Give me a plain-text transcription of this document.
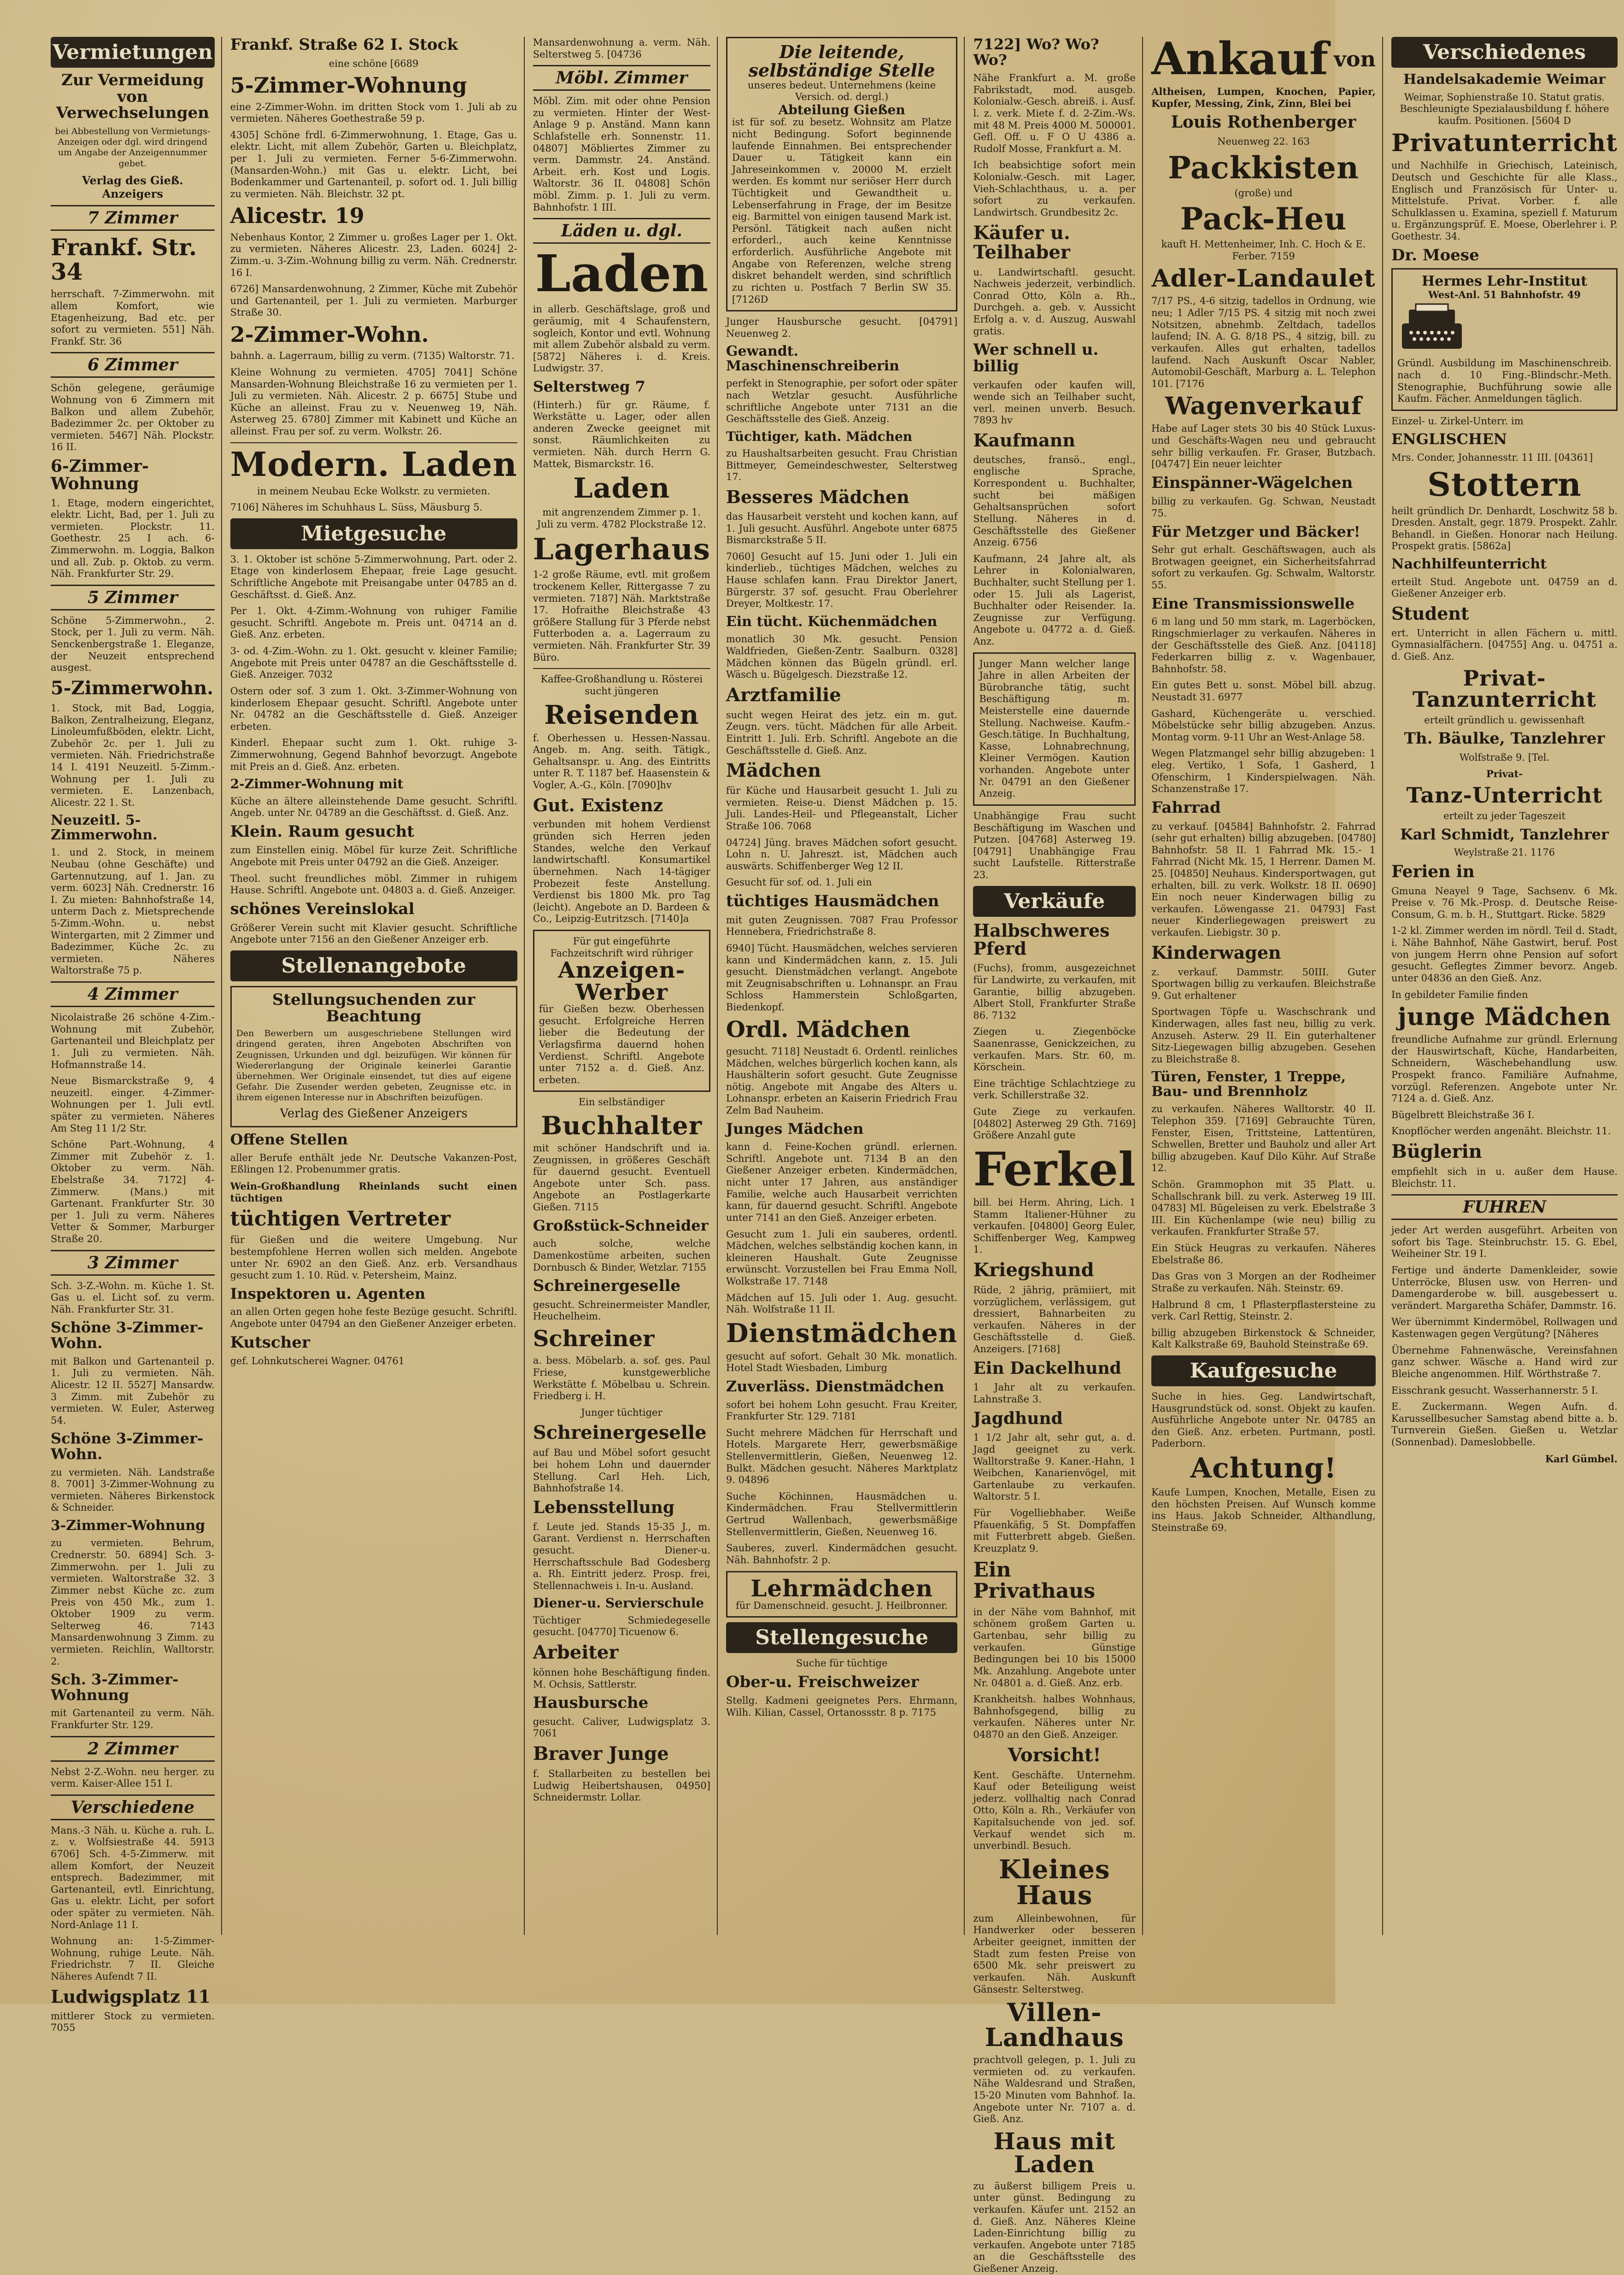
Vermietungen
Zur Vermeidung von Verwechselungen
bei Abbestellung von Vermietungs-Anzeigen oder dgl. wird dringend um Angabe der Anzeigennummer gebet.
Verlag des Gieß. Anzeigers
7 Zimmer
Frankf. Str. 34
herrschaft. 7-Zimmerwohn. mit allem Komfort, wie Etagenheizung, Bad etc. per sofort zu vermieten. 551] Näh. Frankf. Str. 36
6 Zimmer
Schön gelegene, geräumige Wohnung von 6 Zimmern mit Balkon und allem Zubehör, Badezimmer 2c. per Oktober zu vermieten. 5467] Näh. Plockstr. 16 II.
6-Zimmer-Wohnung
1. Etage, modern eingerichtet, elektr. Licht, Bad, per 1. Juli zu vermieten. Plockstr. 11. Goethestr. 25 I ach. 6-Zimmerwohn. m. Loggia, Balkon und all. Zub. p. Oktob. zu verm. Näh. Frankfurter Str. 29.
5 Zimmer
Schöne 5-Zimmerwohn., 2. Stock, per 1. Juli zu verm. Näh. Senckenbergstraße 1. Eleganze, der Neuzeit entsprechend ausgest.
5-Zimmerwohn.
1. Stock, mit Bad, Loggia, Balkon, Zentralheizung, Eleganz, Linoleumfußböden, elektr. Licht, Zubehör 2c. per 1. Juli zu vermieten. Näh. Friedrichstraße 14 I. 4191 Neuzeitl. 5-Zimm.-Wohnung per 1. Juli zu vermieten. E. Lanzenbach, Alicestr. 22 1. St.
Neuzeitl. 5-Zimmerwohn.
1. und 2. Stock, in meinem Neubau (ohne Geschäfte) und Gartennutzung, auf 1. Jan. zu verm. 6023] Näh. Crednerstr. 16 I. Zu mieten: Bahnhofstraße 14, unterm Dach z. Mietsprechende 5-Zimm.-Wohn. u. nebst Wintergarten, mit 2 Zimmer und Badezimmer, Küche 2c. zu vermieten. Näheres Waltorstraße 75 p.
4 Zimmer
Nicolaistraße 26 schöne 4-Zim.-Wohnung mit Zubehör, Gartenanteil und Bleichplatz per 1. Juli zu vermieten. Näh. Hofmannstraße 14.
Neue Bismarckstraße 9, 4 neuzeitl. einger. 4-Zimmer-Wohnungen per 1. Juli evtl. später zu vermieten. Näheres Am Steg 11 1/2 Str.
Schöne Part.-Wohnung, 4 Zimmer mit Zubehör z. 1. Oktober zu verm. Näh. Ebelstraße 34. 7172] 4-Zimmerw. (Mans.) mit Gartenant. Frankfurter Str. 30 per 1. Juli zu verm. Näheres Vetter & Sommer, Marburger Straße 20.
3 Zimmer
Sch. 3-Z.-Wohn. m. Küche 1. St. Gas u. el. Licht sof. zu verm. Näh. Frankfurter Str. 31.
Schöne 3-Zimmer-Wohn.
mit Balkon und Gartenanteil p. 1. Juli zu vermieten. Näh. Alicestr. 12 II. 5527] Mansardw. 3 Zimm. mit Zubehör zu vermieten. W. Euler, Asterweg 54.
Schöne 3-Zimmer-Wohn.
zu vermieten. Näh. Landstraße 8. 7001] 3-Zimmer-Wohnung zu vermieten. Näheres Birkenstock & Schneider.
3-Zimmer-Wohnung
zu vermieten. Behrum, Crednerstr. 50. 6894] Sch. 3-Zimmerwohn. per 1. Juli zu vermieten. Waltorstraße 32. 3 Zimmer nebst Küche zc. zum Preis von 450 Mk., zum 1. Oktober 1909 zu verm. Selterweg 46. 7143 Mansardenwohnung 3 Zimm. zu vermieten. Reichlin, Walltorstr. 2.
Sch. 3-Zimmer-Wohnung
mit Gartenanteil zu verm. Näh. Frankfurter Str. 129.
2 Zimmer
Nebst 2-Z.-Wohn. neu herger. zu verm. Kaiser-Allee 151 I.
Verschiedene
Mans.-3 Näh. u. Küche a. ruh. L. z. v. Wolfsiestraße 44. 5913 6706] Sch. 4-5-Zimmerw. mit allem Komfort, der Neuzeit entsprech. Badezimmer, mit Gartenanteil, evtl. Einrichtung, Gas u. elektr. Licht, per sofort oder später zu vermieten. Näh. Nord-Anlage 11 I.
Wohnung an: 1-5-Zimmer-Wohnung, ruhige Leute. Näh. Friedrichstr. 7 II. Gleiche Näheres Aufendt 7 II.
Ludwigsplatz 11
mittlerer Stock zu vermieten. 7055
Frankf. Straße 62 I. Stock
eine schöne [6689
5-Zimmer-Wohnung
eine 2-Zimmer-Wohn. im dritten Stock vom 1. Juli ab zu vermieten. Näheres Goethestraße 59 p.
4305] Schöne frdl. 6-Zimmerwohnung, 1. Etage, Gas u. elektr. Licht, mit allem Zubehör, Garten u. Bleichplatz, per 1. Juli zu vermieten. Ferner 5-6-Zimmerwohn. (Mansarden-Wohn.) mit Gas u. elektr. Licht, bei Bodenkammer und Gartenanteil, p. sofort od. 1. Juli billig zu vermieten. Näh. Bleichstr. 32 pt.
Alicestr. 19
Nebenhaus Kontor, 2 Zimmer u. großes Lager per 1. Okt. zu vermieten. Näheres Alicestr. 23, Laden. 6024] 2-Zimm.-u. 3-Zim.-Wohnung billig zu verm. Näh. Crednerstr. 16 I.
6726] Mansardenwohnung, 2 Zimmer, Küche mit Zubehör und Gartenanteil, per 1. Juli zu vermieten. Marburger Straße 30.
2-Zimmer-Wohn.
bahnh. a. Lagerraum, billig zu verm. (7135) Waltorstr. 71.
Kleine Wohnung zu vermieten. 4705] 7041] Schöne Mansarden-Wohnung Bleichstraße 16 zu vermieten per 1. Juli zu vermieten. Näh. Alicestr. 2 p. 6675] Stube und Küche an alleinst. Frau zu v. Neuenweg 19, Näh. Asterweg 25. 6780] Zimmer mit Kabinett und Küche an alleinst. Frau per sof. zu verm. Wolkstr. 26.
Modern. Laden
in meinem Neubau Ecke Wolkstr. zu vermieten.
7106] Näheres im Schuhhaus L. Süss, Mäusburg 5.
Mietgesuche
3. 1. Oktober ist schöne 5-Zimmerwohnung, Part. oder 2. Etage von kinderlosem Ehepaar, freie Lage gesucht. Schriftliche Angebote mit Preisangabe unter 04785 an d. Geschäftsst. d. Gieß. Anz.
Per 1. Okt. 4-Zimm.-Wohnung von ruhiger Familie gesucht. Schriftl. Angebote m. Preis unt. 04714 an d. Gieß. Anz. erbeten.
3- od. 4-Zim.-Wohn. zu 1. Okt. gesucht v. kleiner Familie; Angebote mit Preis unter 04787 an die Geschäftsstelle d. Gieß. Anzeiger. 7032
Ostern oder sof. 3 zum 1. Okt. 3-Zimmer-Wohnung von kinderlosem Ehepaar gesucht. Schriftl. Angebote unter Nr. 04782 an die Geschäftsstelle d. Gieß. Anzeiger erbeten.
Kinderl. Ehepaar sucht zum 1. Okt. ruhige 3-Zimmerwohnung, Gegend Bahnhof bevorzugt. Angebote mit Preis an d. Gieß. Anz. erbeten.
2-Zimmer-Wohnung mit
Küche an ältere alleinstehende Dame gesucht. Schriftl. Angeb. unter Nr. 04789 an die Geschäftsst. d. Gieß. Anz.
Klein. Raum gesucht
zum Einstellen einig. Möbel für kurze Zeit. Schriftliche Angebote mit Preis unter 04792 an die Gieß. Anzeiger.
Theol. sucht freundliches möbl. Zimmer in ruhigem Hause. Schriftl. Angebote unt. 04803 a. d. Gieß. Anzeiger.
schönes Vereinslokal
Größerer Verein sucht mit Klavier gesucht. Schriftliche Angebote unter 7156 an den Gießener Anzeiger erb.
Stellenangebote
Stellungsuchenden zur Beachtung
Den Bewerbern um ausgeschriebene Stellungen wird dringend geraten, ihren Angeboten Abschriften von Zeugnissen, Urkunden und dgl. beizufügen. Wir können für Wiedererlangung der Originale keinerlei Garantie übernehmen. Wer Originale einsendet, tut dies auf eigene Gefahr. Die Zusender werden gebeten, Zeugnisse etc. in ihrem eigenen Interesse nur in Abschriften beizufügen.
Verlag des Gießener Anzeigers
Offene Stellen
aller Berufe enthält jede Nr. Deutsche Vakanzen-Post, Eßlingen 12. Probenummer gratis.
Wein-Großhandlung Rheinlands sucht einen tüchtigen
tüchtigen Vertreter
für Gießen und die weitere Umgebung. Nur bestempfohlene Herren wollen sich melden. Angebote unter Nr. 6902 an den Gieß. Anz. erb. Versandhaus gesucht zum 1. 10. Rüd. v. Petersheim, Mainz.
Inspektoren u. Agenten
an allen Orten gegen hohe feste Bezüge gesucht. Schriftl. Angebote unter 04794 an den Gießener Anzeiger erbeten.
Kutscher
gef. Lohnkutscherei Wagner. 04761
Mansardenwohnung a. verm. Näh. Selterstweg 5. [04736
Möbl. Zimmer
Möbl. Zim. mit oder ohne Pension zu vermieten. Hinter der West-Anlage 9 p. Anständ. Mann kann Schlafstelle erh. Sonnenstr. 11. 04807] Möbliertes Zimmer zu verm. Dammstr. 24. Anständ. Arbeit. erh. Kost und Logis. Waltorstr. 36 II. 04808] Schön möbl. Zimm. p. 1. Juli zu verm. Bahnhofstr. 1 III.
Läden u. dgl.
Laden
in allerb. Geschäftslage, groß und geräumig, mit 4 Schaufenstern, sogleich, Kontor und evtl. Wohnung mit allem Zubehör alsbald zu verm. [5872] Näheres i. d. Kreis. Ludwigstr. 37.
Selterstweg 7
(Hinterh.) für gr. Räume, f. Werkstätte u. Lager, oder allen anderen Zwecke geeignet mit sonst. Räumlichkeiten zu vermieten. Näh. durch Herrn G. Mattek, Bismarckstr. 16.
Laden
mit angrenzendem Zimmer p. 1. Juli zu verm. 4782 Plockstraße 12.
Lagerhaus
1-2 große Räume, evtl. mit großem trockenem Keller, Rittergasse 7 zu vermieten. 7187] Näh. Marktstraße 17. Hofraithe Bleichstraße 43 größere Stallung für 3 Pferde nebst Futterboden a. a. Lagerraum zu vermieten. Näh. Frankfurter Str. 39 Büro.
Kaffee-Großhandlung u. Rösterei sucht jüngeren
Reisenden
f. Oberhessen u. Hessen-Nassau. Angeb. m. Ang. seith. Tätigk., Gehaltsanspr. u. Ang. des Eintritts unter R. T. 1187 bef. Haasenstein & Vogler, A.-G., Köln. [7090]hv
Gut. Existenz
verbunden mit hohem Verdienst gründen sich Herren jeden Standes, welche den Verkauf landwirtschaftl. Konsumartikel übernehmen. Nach 14-tägiger Probezeit feste Anstellung. Verdienst bis 1800 Mk. pro Tag (leicht). Angebote an D. Bardeen & Co., Leipzig-Eutritzsch. [7140]a
Für gut eingeführte Fachzeitschrift wird rühriger
Anzeigen-Werber
für Gießen bezw. Oberhessen gesucht. Erfolgreiche Herren lieber die Bedeutung der Verlagsfirma dauernd hohen Verdienst. Schriftl. Angebote unter 7152 a. d. Gieß. Anz. erbeten.
Ein selbständiger
Buchhalter
mit schöner Handschrift und ia. Zeugnissen, in größeres Geschäft für dauernd gesucht. Eventuell Angebote unter Sch. pass. Angebote an Postlagerkarte Gießen. 7115
Großstück-Schneider
auch solche, welche Damenkostüme arbeiten, suchen Dornbusch & Binder, Wetzlar. 7155
Schreinergeselle
gesucht. Schreinermeister Mandler, Heuchelheim.
Schreiner
a. bess. Möbelarb. a. sof. ges. Paul Friese, kunstgewerbliche Werkstätte f. Möbelbau u. Schrein. Friedberg i. H.
Junger tüchtiger
Schreinergeselle
auf Bau und Möbel sofort gesucht bei hohem Lohn und dauernder Stellung. Carl Heh. Lich, Bahnhofstraße 14.
Lebensstellung
f. Leute jed. Stands 15-35 J., m. Garant. Verdienst n. Herrschaften gesucht. Diener-u. Herrschaftsschule Bad Godesberg a. Rh. Eintritt jederz. Prosp. frei, Stellennachweis i. In-u. Ausland.
Diener-u. Servierschule
Tüchtiger Schmiedegeselle gesucht. [04770] Ticuenow 6.
Arbeiter
können hohe Beschäftigung finden. M. Ochsis, Sattlerstr.
Hausbursche
gesucht. Caliver, Ludwigsplatz 3. 7061
Braver Junge
f. Stallarbeiten zu bestellen bei Ludwig Heibertshausen, 04950] Schneidermstr. Lollar.
Die leitende, selbständige Stelle
unseres bedeut. Unternehmens (keine Versich. od. dergl.)
Abteilung Gießen
ist für sof. zu besetz. Wohnsitz am Platze nicht Bedingung. Sofort beginnende laufende Einnahmen. Bei entsprechender Dauer u. Tätigkeit kann ein Jahreseinkommen v. 20000 M. erzielt werden. Es kommt nur seriöser Herr durch Tüchtigkeit und Gewandtheit u. Lebenserfahrung in Frage, der im Besitze eig. Barmittel von einigen tausend Mark ist. Persönl. Tätigkeit nach außen nicht erforderl., auch keine Kenntnisse erforderlich. Ausführliche Angebote mit Angabe von Referenzen, welche streng diskret behandelt werden, sind schriftlich zu richten u. Postfach 7 Berlin SW 35. [7126D
Junger Hausbursche gesucht. [04791] Neuenweg 2.
Gewandt. Maschinenschreiberin
perfekt in Stenographie, per sofort oder später nach Wetzlar gesucht. Ausführliche schriftliche Angebote unter 7131 an die Geschäftsstelle des Gieß. Anzeig.
Tüchtiger, kath. Mädchen
zu Haushaltsarbeiten gesucht. Frau Christian Bittmeyer, Gemeindeschwester, Selterstweg 17.
Besseres Mädchen
das Hausarbeit versteht und kochen kann, auf 1. Juli gesucht. Ausführl. Angebote unter 6875 Bismarckstraße 5 II.
7060] Gesucht auf 15. Juni oder 1. Juli ein kinderlieb., tüchtiges Mädchen, welches zu Hause schlafen kann. Frau Direktor Janert, Bürgerstr. 37 sof. gesucht. Frau Oberlehrer Dreyer, Moltkestr. 17.
Ein tücht. Küchenmädchen
monatlich 30 Mk. gesucht. Pension Waldfrieden, Gießen-Zentr. Saalburn. 0328] Mädchen können das Bügeln gründl. erl. Wäsch u. Bügelgesch. Diezstraße 12.
Arztfamilie
sucht wegen Heirat des jetz. ein m. gut. Zeugn. vers. tücht. Mädchen für alle Arbeit. Eintritt 1. Juli. Erb. Schriftl. Angebote an die Geschäftsstelle d. Gieß. Anz.
Mädchen
für Küche und Hausarbeit gesucht 1. Juli zu vermieten. Reise-u. Dienst Mädchen p. 15. Juli. Landes-Heil- und Pflegeanstalt, Licher Straße 106. 7068
04724] Jüng. braves Mädchen sofort gesucht. Lohn n. U. Jahreszt. ist, Mädchen auch auswärts. Schiffenberger Weg 12 II.
Gesucht für sof. od. 1. Juli ein
tüchtiges Hausmädchen
mit guten Zeugnissen. 7087 Frau Professor Hennebera, Friedrichstraße 8.
6940] Tücht. Hausmädchen, welches servieren kann und Kindermädchen kann, z. 15. Juli gesucht. Dienstmädchen verlangt. Angebote mit Zeugnisabschriften u. Lohnanspr. an Frau Schloss Hammerstein Schloßgarten, Biedenkopf.
Ordl. Mädchen
gesucht. 7118] Neustadt 6. Ordentl. reinliches Mädchen, welches bürgerlich kochen kann, als Haushälterin sofort gesucht. Gute Zeugnisse nötig. Angebote mit Angabe des Alters u. Lohnanspr. erbeten an Kaiserin Friedrich Frau Zelm Bad Nauheim.
Junges Mädchen
kann d. Feine-Kochen gründl. erlernen. Schriftl. Angebote unt. 7134 B an den Gießener Anzeiger erbeten. Kindermädchen, nicht unter 17 Jahren, aus anständiger Familie, welche auch Hausarbeit verrichten kann, für dauernd gesucht. Schriftl. Angebote unter 7141 an den Gieß. Anzeiger erbeten.
Gesucht zum 1. Juli ein sauberes, ordentl. Mädchen, welches selbständig kochen kann, in kleineren Haushalt. Gute Zeugnisse erwünscht. Vorzustellen bei Frau Emma Noll, Wolkstraße 17. 7148
Mädchen auf 15. Juli oder 1. Aug. gesucht. Näh. Wolfstraße 11 II.
Dienstmädchen
gesucht auf sofort. Gehalt 30 Mk. monatlich. Hotel Stadt Wiesbaden, Limburg
Zuverläss. Dienstmädchen
sofort bei hohem Lohn gesucht. Frau Kreiter, Frankfurter Str. 129. 7181
Sucht mehrere Mädchen für Herrschaft und Hotels. Margarete Herr, gewerbsmäßige Stellenvermittlerin, Gießen, Neuenweg 12. Bulkt. Mädchen gesucht. Näheres Marktplatz 9. 04896
Suche Köchinnen, Hausmädchen u. Kindermädchen. Frau Stellvermittlerin Gertrud Wallenbach, gewerbsmäßige Stellenvermittlerin, Gießen, Neuenweg 16.
Sauberes, zuverl. Kindermädchen gesucht. Näh. Bahnhofstr. 2 p.
Lehrmädchen
für Damenschneid. gesucht. J. Heilbronner.
Stellengesuche
Suche für tüchtige
Ober-u. Freischweizer
Stellg. Kadmeni geeignetes Pers. Ehrmann, Wilh. Kilian, Cassel, Ortanossstr. 8 p. 7175
7122] Wo? Wo? Wo?
Nähe Frankfurt a. M. große Fabrikstadt, mod. ausgeb. Kolonialw.-Gesch. abreiß. i. Ausf. l. z. verk. Miete f. d. 2-Zim.-Ws. mit 48 M. Preis 4000 M. 500001. Gefl. Off. u. F O U 4386 a. Rudolf Mosse, Frankfurt a. M.
Ich beabsichtige sofort mein Kolonialw.-Gesch. mit Lager, Vieh-Schlachthaus, u. a. per sofort zu verkaufen. Landwirtsch. Grundbesitz 2c.
Käufer u. Teilhaber
u. Landwirtschaftl. gesucht. Nachweis jederzeit, verbindlich. Conrad Otto, Köln a. Rh., Durchgeh. a. geb. v. Aussicht Erfolg a. v. d. Auszug, Auswahl gratis.
Wer schnell u. billig
verkaufen oder kaufen will, wende sich an Teilhaber sucht, verl. meinen unverb. Besuch. 7893 hv
Kaufmann
deutsches, fransö., engl., englische Sprache, Korrespondent u. Buchhalter, sucht bei mäßigen Gehaltsansprüchen sofort Stellung. Näheres in d. Geschäftsstelle des Gießener Anzeig. 6756
Kaufmann, 24 Jahre alt, als Lehrer in Kolonialwaren, Buchhalter, sucht Stellung per 1. oder 15. Juli als Lagerist, Buchhalter oder Reisender. Ia. Zeugnisse zur Verfügung. Angebote u. 04772 a. d. Gieß. Anz.
Junger Mann welcher lange Jahre in allen Arbeiten der Bürobranche tätig, sucht Beschäftigung m. Meisterstelle eine dauernde Stellung. Nachweise. Kaufm.-Gesch.tätige. In Buchhaltung, Kasse, Lohnabrechnung, Kleiner Vermögen. Kaution vorhanden. Angebote unter Nr. 04791 an den Gießener Anzeig.
Unabhängige Frau sucht Beschäftigung im Waschen und Putzen. [04768] Asterweg 19. [04791] Unabhängige Frau sucht Laufstelle. Ritterstraße 23.
Verkäufe
Halbschweres Pferd
(Fuchs), fromm, ausgezeichnet für Landwirte, zu verkaufen, mit Garantie, billig abzugeben. Albert Stoll, Frankfurter Straße 86. 7132
Ziegen u. Ziegenböcke Saanenrasse, Genickzeichen, zu verkaufen. Mars. Str. 60, m. Körschein.
Eine trächtige Schlachtziege zu verk. Schillerstraße 32.
Gute Ziege zu verkaufen. [04802] Asterweg 29 Gth. 7169] Größere Anzahl gute
Ferkel
bill. bei Herm. Ahring, Lich. 1 Stamm Italiener-Hühner zu verkaufen. [04800] Georg Euler, Schiffenberger Weg, Kampweg 1.
Kriegshund
Rüde, 2 jährig, prämiiert, mit vorzüglichem, verlässigem, gut dressiert, Bahnarbeiten zu verkaufen. Näheres in der Geschäftsstelle d. Gieß. Anzeigers. [7168]
Ein Dackelhund
1 Jahr alt zu verkaufen. Lahnstraße 3.
Jagdhund
1 1/2 Jahr alt, sehr gut, a. d. Jagd geeignet zu verk. Walltorstraße 9. Kaner.-Hahn, 1 Weibchen, Kanarienvögel, mit Gartenlaube zu verkaufen. Waltorstr. 5 I.
Für Vogelliebhaber. Weiße Pfauenkäfig, 5 St. Dompfaffen mit Futterbrett abgeb. Gießen. Kreuzplatz 9.
Ein Privathaus
in der Nähe vom Bahnhof, mit schönem großem Garten u. Gartenbau, sehr billig zu verkaufen. Günstige Bedingungen bei 10 bis 15000 Mk. Anzahlung. Angebote unter Nr. 04801 a. d. Gieß. Anz. erb.
Krankheitsh. halbes Wohnhaus, Bahnhofsgegend, billig zu verkaufen. Näheres unter Nr. 04870 an den Gieß. Anzeiger.
Vorsicht!
Kent. Geschäfte. Unternehm. Kauf oder Beteiligung weist jederz. vollhaltig nach Conrad Otto, Köln a. Rh., Verkäufer von Kapitalsuchende von jed. sof. Verkauf wendet sich m. unverbindl. Besuch.
Kleines Haus
zum Alleinbewohnen, für Handwerker oder besseren Arbeiter geeignet, inmitten der Stadt zum festen Preise von 6500 Mk. sehr preiswert zu verkaufen. Näh. Auskunft Gänsestr. Selterstweg.
Villen-Landhaus
prachtvoll gelegen, p. 1. Juli zu vermieten od. zu verkaufen. Nähe Waldesrand und Straßen, 15-20 Minuten vom Bahnhof. Ia. Angebote unter Nr. 7107 a. d. Gieß. Anz.
Haus mit Laden
zu äußerst billigem Preis u. unter günst. Bedingung zu verkaufen. Käufer unt. 2152 an d. Gieß. Anz. Näheres Kleine Laden-Einrichtung billig zu verkaufen. Angebote unter 7185 an die Geschäftsstelle des Gießener Anzeig.
Ankauf von
Altheisen, Lumpen, Knochen, Papier, Kupfer, Messing, Zink, Zinn, Blei bei
Louis Rothenberger
Neuenweg 22. 163
Packkisten
(große) und
Pack-Heu
kauft H. Mettenheimer, Inh. C. Hoch & E. Ferber. 7159
Adler-Landaulet
7/17 PS., 4-6 sitzig, tadellos in Ordnung, wie neu; 1 Adler 7/15 PS. 4 sitzig mit noch zwei Notsitzen, abnehmb. Zeltdach, tadellos laufend; IN. A. G. 8/18 PS., 4 sitzig, bill. zu verkaufen. Alles gut erhalten, tadellos laufend. Nach Auskunft Oscar Nabler, Automobil-Geschäft, Marburg a. L. Telephon 101. [7176
Wagenverkauf
Habe auf Lager stets 30 bis 40 Stück Luxus- und Geschäfts-Wagen neu und gebraucht sehr billig verkaufen. Fr. Graser, Butzbach. [04747] Ein neuer leichter
Einspänner-Wägelchen
billig zu verkaufen. Gg. Schwan, Neustadt 75.
Für Metzger und Bäcker!
Sehr gut erhalt. Geschäftswagen, auch als Brotwagen geeignet, ein Sicherheitsfahrrad sofort zu verkaufen. Gg. Schwalm, Waltorstr. 55.
Eine Transmissionswelle
6 m lang und 50 mm stark, m. Lagerböcken, Ringschmierlager zu verkaufen. Näheres in der Geschäftsstelle des Gieß. Anz. [04118] Federkarren billig z. v. Wagenbauer, Bahnhofstr. 58.
Ein gutes Bett u. sonst. Möbel bill. abzug. Neustadt 31. 6977
Gashard, Küchengeräte u. verschied. Möbelstücke sehr billig abzugeben. Anzus. Montag vorm. 9-11 Uhr an West-Anlage 58.
Wegen Platzmangel sehr billig abzugeben: 1 eleg. Vertiko, 1 Sofa, 1 Gasherd, 1 Ofenschirm, 1 Kinderspielwagen. Näh. Schanzenstraße 17.
Fahrrad
zu verkauf. [04584] Bahnhofstr. 2. Fahrrad (sehr gut erhalten) billig abzugeben. [04780] Bahnhofstr. 58 II. 1 Fahrrad Mk. 15.- 1 Fahrrad (Nicht Mk. 15, 1 Herrenr. Damen M. 25. [04850] Neuhaus. Kindersportwagen, gut erhalten, bill. zu verk. Wolkstr. 18 II. 0690] Ein noch neuer Kinderwagen billig zu verkaufen. Löwengasse 21. 04793] Fast neuer Kinderliegewagen preiswert zu verkaufen. Liebigstr. 30 p.
Kinderwagen
z. verkauf. Dammstr. 50III. Guter Sportwagen billig zu verkaufen. Bleichstraße 9. Gut erhaltener
Sportwagen Töpfe u. Waschschrank und Kinderwagen, alles fast neu, billig zu verk. Anzuseh. Asterw. 29 II. Ein guterhaltener Sitz-Liegewagen billig abzugeben. Gesehen zu Bleichstraße 8.
Türen, Fenster, 1 Treppe, Bau- und Brennholz
zu verkaufen. Näheres Walltorstr. 40 II. Telephon 359. [7169] Gebrauchte Türen, Fenster, Eisen, Trittsteine, Lattentüren, Schwellen, Bretter und Bauholz und aller Art billig abzugeben. Kauf Dilo Kühr. Auf Straße 12.
Schön. Grammophon mit 35 Platt. u. Schallschrank bill. zu verk. Asterweg 19 III. 04783] Ml. Bügeleisen zu verk. Ebelstraße 3 III. Ein Küchenlampe (wie neu) billig zu verkaufen. Frankfurter Straße 57.
Ein Stück Heugras zu verkaufen. Näheres Ebelstraße 86.
Das Gras von 3 Morgen an der Rodheimer Straße zu verkaufen. Näh. Steinstr. 69.
Halbrund 8 cm, 1 Pflasterpflastersteine zu verk. Carl Rettig, Steinstr. 2.
billig abzugeben Birkenstock & Schneider, Kalt Kalkstraße 69, Bauhold Steinstraße 69.
Kaufgesuche
Suche in hies. Geg. Landwirtschaft, Hausgrundstück od. sonst. Objekt zu kaufen. Ausführliche Angebote unter Nr. 04785 an den Gieß. Anz. erbeten. Purtmann, postl. Paderborn.
Achtung!
Kaufe Lumpen, Knochen, Metalle, Eisen zu den höchsten Preisen. Auf Wunsch komme ins Haus. Jakob Schneider, Althandlung, Steinstraße 69.
Verschiedenes
Handelsakademie Weimar
Weimar, Sophienstraße 10. Statut gratis. Beschleunigte Spezialausbildung f. höhere kaufm. Positionen. [5604 D
Privatunterricht
und Nachhilfe in Griechisch, Lateinisch, Deutsch und Geschichte für alle Klass., Englisch und Französisch für Unter- u. Mittelstufe. Privat. Vorber. f. alle Schulklassen u. Examina, speziell f. Maturum u. Ergänzungsprüf. E. Moese, Oberlehrer i. P. Goethestr. 34.
Dr. Moese
Hermes Lehr-Institut
West-Anl. 51 Bahnhofstr. 49
Gründl. Ausbildung im Maschinenschreib. nach d. 10 Fing.-Blindschr.-Meth. Stenographie, Buchführung sowie alle Kaufm. Fächer. Anmeldungen täglich.
Einzel- u. Zirkel-Unterr. im
ENGLISCHEN
Mrs. Conder, Johannesstr. 11 III. [04361]
Stottern
heilt gründlich Dr. Denhardt, Loschwitz 58 b. Dresden. Anstalt, gegr. 1879. Prospekt. Zahlr. Behandl. in Gießen. Honorar nach Heilung. Prospekt gratis. [5862a]
Nachhilfeunterricht
erteilt Stud. Angebote unt. 04759 an d. Gießener Anzeiger erb.
Student
ert. Unterricht in allen Fächern u. mittl. Gymnasialfächern. [04755] Ang. u. 04751 a. d. Gieß. Anz.
Privat-Tanzunterricht
erteilt gründlich u. gewissenhaft
Th. Bäulke, Tanzlehrer
Wolfstraße 9. [Tel.
Privat-
Tanz-Unterricht
erteilt zu jeder Tageszeit
Karl Schmidt, Tanzlehrer
Weylstraße 21. 1176
Ferien in
Gmuna Neayel 9 Tage, Sachsenv. 6 Mk. Preise v. 76 Mk.-Prosp. d. Deutsche Reise-Consum, G. m. b. H., Stuttgart. Ricke. 5829
1-2 kl. Zimmer werden im nördl. Teil d. Stadt, i. Nähe Bahnhof, Nähe Gastwirt, beruf. Post von jungem Herrn ohne Pension auf sofort gesucht. Geflegtes Zimmer bevorz. Angeb. unter 04836 an den Gieß. Anz.
In gebildeter Familie finden
junge Mädchen
freundliche Aufnahme zur gründl. Erlernung der Hauswirtschaft, Küche, Handarbeiten, Schneidern, Wäschebehandlung usw. Prospekt franco. Familiäre Aufnahme, vorzügl. Referenzen. Angebote unter Nr. 7124 a. d. Gieß. Anz.
Bügelbrett Bleichstraße 36 I.
Knopflöcher werden angenäht. Bleichstr. 11.
Büglerin
empfiehlt sich in u. außer dem Hause. Bleichstr. 11.
FUHREN
jeder Art werden ausgeführt. Arbeiten von sofort bis Tage. Steinbruchstr. 15. G. Ebel, Weiheiner Str. 19 I.
Fertige und änderte Damenkleider, sowie Unterröcke, Blusen usw. von Herren- und Damengarderobe w. bill. ausgebessert u. verändert. Margaretha Schäfer, Dammstr. 16.
Wer übernimmt Kindermöbel, Rollwagen und Kastenwagen gegen Vergütung? [Näheres
Übernehme Fahnenwäsche, Vereinsfahnen ganz schwer. Wäsche a. Hand wird zur Bleiche angenommen. Hilf. Wörthstraße 7.
Eisschrank gesucht. Wasserhannerstr. 5 I.
E. Zuckermann. Wegen Aufn. d. Karussellbesucher Samstag abend bitte a. b. Turnverein Gießen. Gießen u. Wetzlar (Sonnenbad). Dameslobbelle.
Karl Gümbel.
